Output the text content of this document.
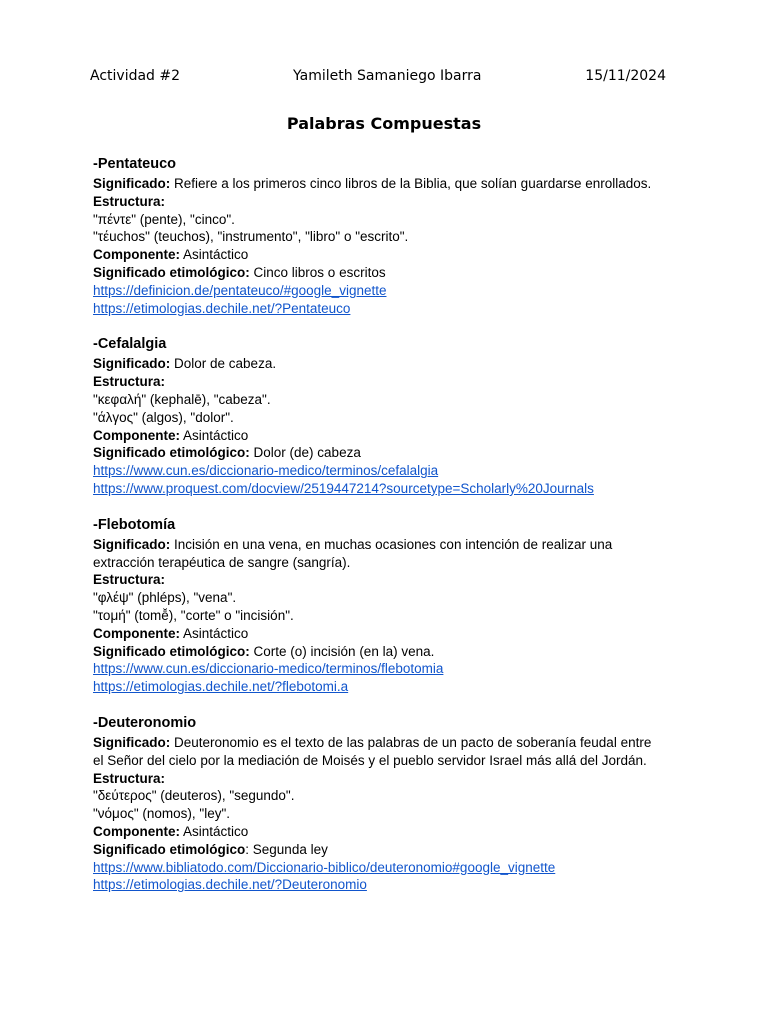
Actividad #2	Yamileth Samaniego Ibarra	15/11/2024
Palabras Compuestas
-Pentateuco

Significado: Refiere a los primeros cinco libros de la Biblia, que solían guardarse enrollados.

Estructura:

"πέντε" (pente), "cinco".

"τέuchos" (teuchos), "instrumento", "libro" o "escrito".

Componente: Asintáctico

Significado etimológico: Cinco libros o escritos

https://definicion.de/pentateuco/#google_vignette
https://etimologias.dechile.net/?Pentateuco
-Cefalalgia

Significado: Dolor de cabeza.

Estructura:

"κεφαλή" (kephalē), "cabeza".

"άλγος" (algos), "dolor".

Componente: Asintáctico

Significado etimológico: Dolor (de) cabeza

https://www.cun.es/diccionario-medico/terminos/cefalalgia
https://www.proquest.com/docview/2519447214?sourcetype=Scholarly%20Journals
-Flebotomía

Significado: Incisión en una vena, en muchas ocasiones con intención de realizar una extracción terapéutica de sangre (sangría).

Estructura:

"φλέψ" (phléps), "vena".

"τομή" (tomē̆), "corte" o "incisión".

Componente: Asintáctico

Significado etimológico: Corte (o) incisión (en la) vena.

https://www.cun.es/diccionario-medico/terminos/flebotomia
https://etimologias.dechile.net/?flebotomi.a
-Deuteronomio

Significado: Deuteronomio es el texto de las palabras de un pacto de soberanía feudal entre el Señor del cielo por la mediación de Moisés y el pueblo servidor Israel más allá del Jordán.

Estructura:

"δεύτερος" (deuteros), "segundo".

"νόμος" (nomos), "ley".

Componente: Asintáctico

Significado etimológico: Segunda ley

https://www.bibliatodo.com/Diccionario-biblico/deuteronomio#google_vignette
https://etimologias.dechile.net/?Deuteronomio
